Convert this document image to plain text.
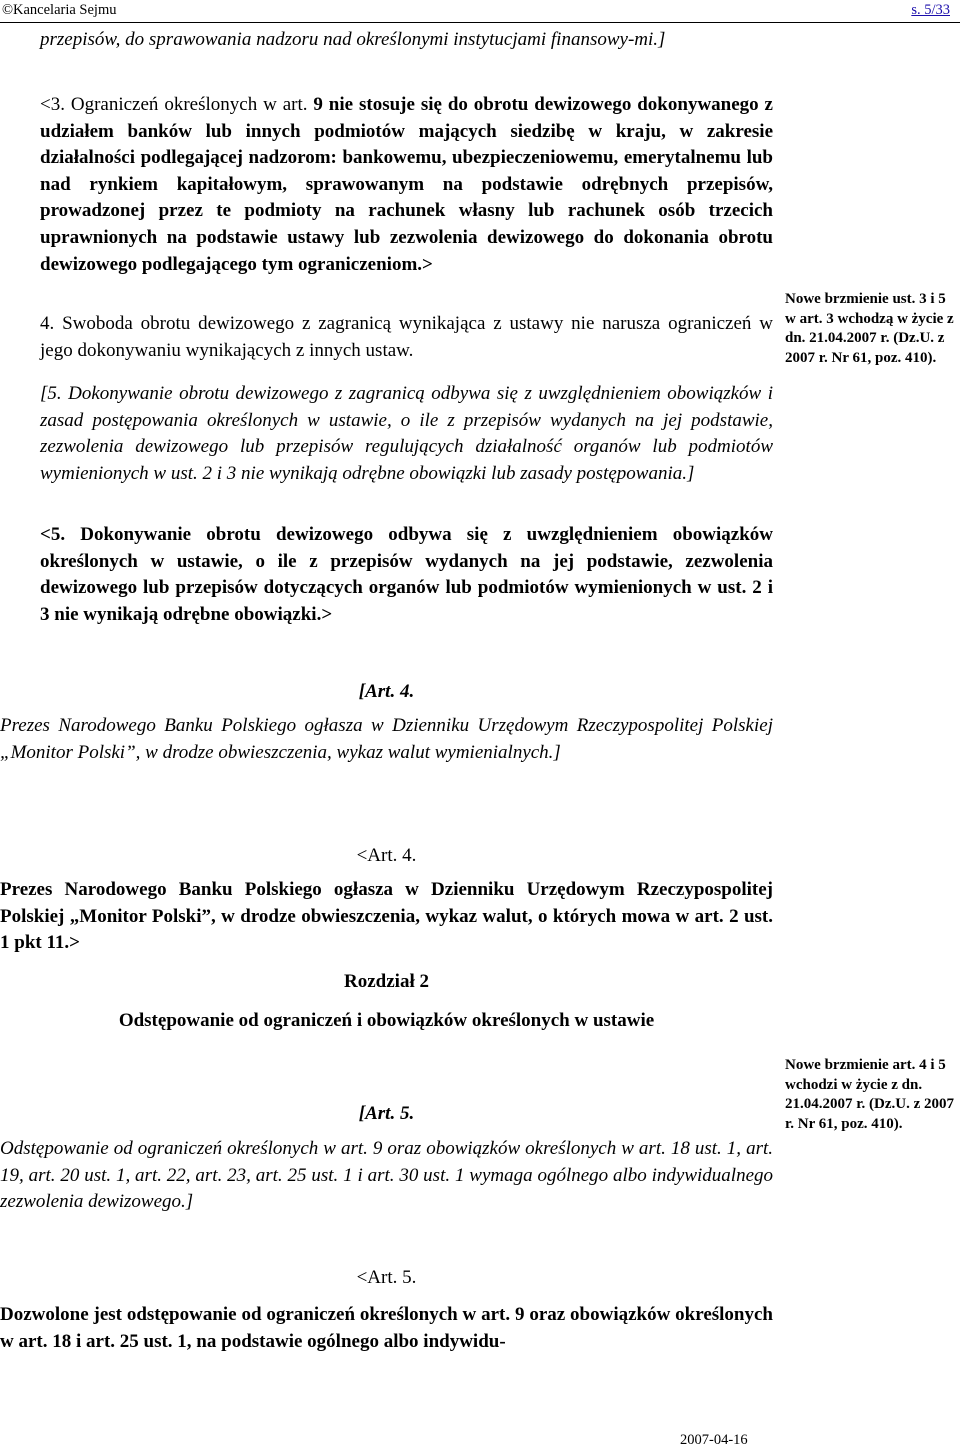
©Kancelaria Sejmu	s. 5/33
przepisów, do sprawowania nadzoru nad określonymi instytucjami finansowy-mi.]
<3. Ograniczeń określonych w art. 9 nie stosuje się do obrotu dewizowego dokonywanego z udziałem banków lub innych podmiotów mających siedzibę w kraju, w zakresie działalności podlegającej nadzorom: bankowemu, ubezpieczeniowemu, emerytalnemu lub nad rynkiem kapitałowym, sprawowanym na podstawie odrębnych przepisów, prowadzonej przez te podmioty na rachunek własny lub rachunek osób trzecich uprawnionych na podstawie ustawy lub zezwolenia dewizowego do dokonania obrotu dewizowego podlegającego tym ograniczeniom.>
4. Swoboda obrotu dewizowego z zagranicą wynikająca z ustawy nie narusza ograniczeń w jego dokonywaniu wynikających z innych ustaw.
[5. Dokonywanie obrotu dewizowego z zagranicą odbywa się z uwzględnieniem obowiązków i zasad postępowania określonych w ustawie, o ile z przepisów wydanych na jej podstawie, zezwolenia dewizowego lub przepisów regulujących działalność organów lub podmiotów wymienionych w ust. 2 i 3 nie wynikają odrębne obowiązki lub zasady postępowania.]
<5. Dokonywanie obrotu dewizowego odbywa się z uwzględnieniem obowiązków określonych w ustawie, o ile z przepisów wydanych na jej podstawie, zezwolenia dewizowego lub przepisów dotyczących organów lub podmiotów wymienionych w ust. 2 i 3 nie wynikają odrębne obowiązki.>
[Art. 4.
Prezes Narodowego Banku Polskiego ogłasza w Dzienniku Urzędowym Rzeczypospolitej Polskiej „Monitor Polski”, w drodze obwieszczenia, wykaz walut wymienialnych.]
<Art. 4.
Prezes Narodowego Banku Polskiego ogłasza w Dzienniku Urzędowym Rzeczypospolitej Polskiej „Monitor Polski”, w drodze obwieszczenia, wykaz walut, o których mowa w art. 2 ust. 1 pkt 11.>
Rozdział 2
Odstępowanie od ograniczeń i obowiązków określonych w ustawie
[Art. 5.
Odstępowanie od ograniczeń określonych w art. 9 oraz obowiązków określonych w art. 18 ust. 1, art. 19, art. 20 ust. 1, art. 22, art. 23, art. 25 ust. 1 i art. 30 ust. 1 wymaga ogólnego albo indywidualnego zezwolenia dewizowego.]
<Art. 5.
Dozwolone jest odstępowanie od ograniczeń określonych w art. 9 oraz obowiązków określonych w art. 18 i art. 25 ust. 1, na podstawie ogólnego albo indywidu-
Nowe brzmienie ust. 3 i 5 w art. 3 wchodzą w życie z dn. 21.04.2007 r. (Dz.U. z 2007 r. Nr 61, poz. 410).
Nowe brzmienie art. 4 i 5 wchodzi w życie z dn. 21.04.2007 r. (Dz.U. z 2007 r. Nr 61, poz. 410).
2007-04-16
